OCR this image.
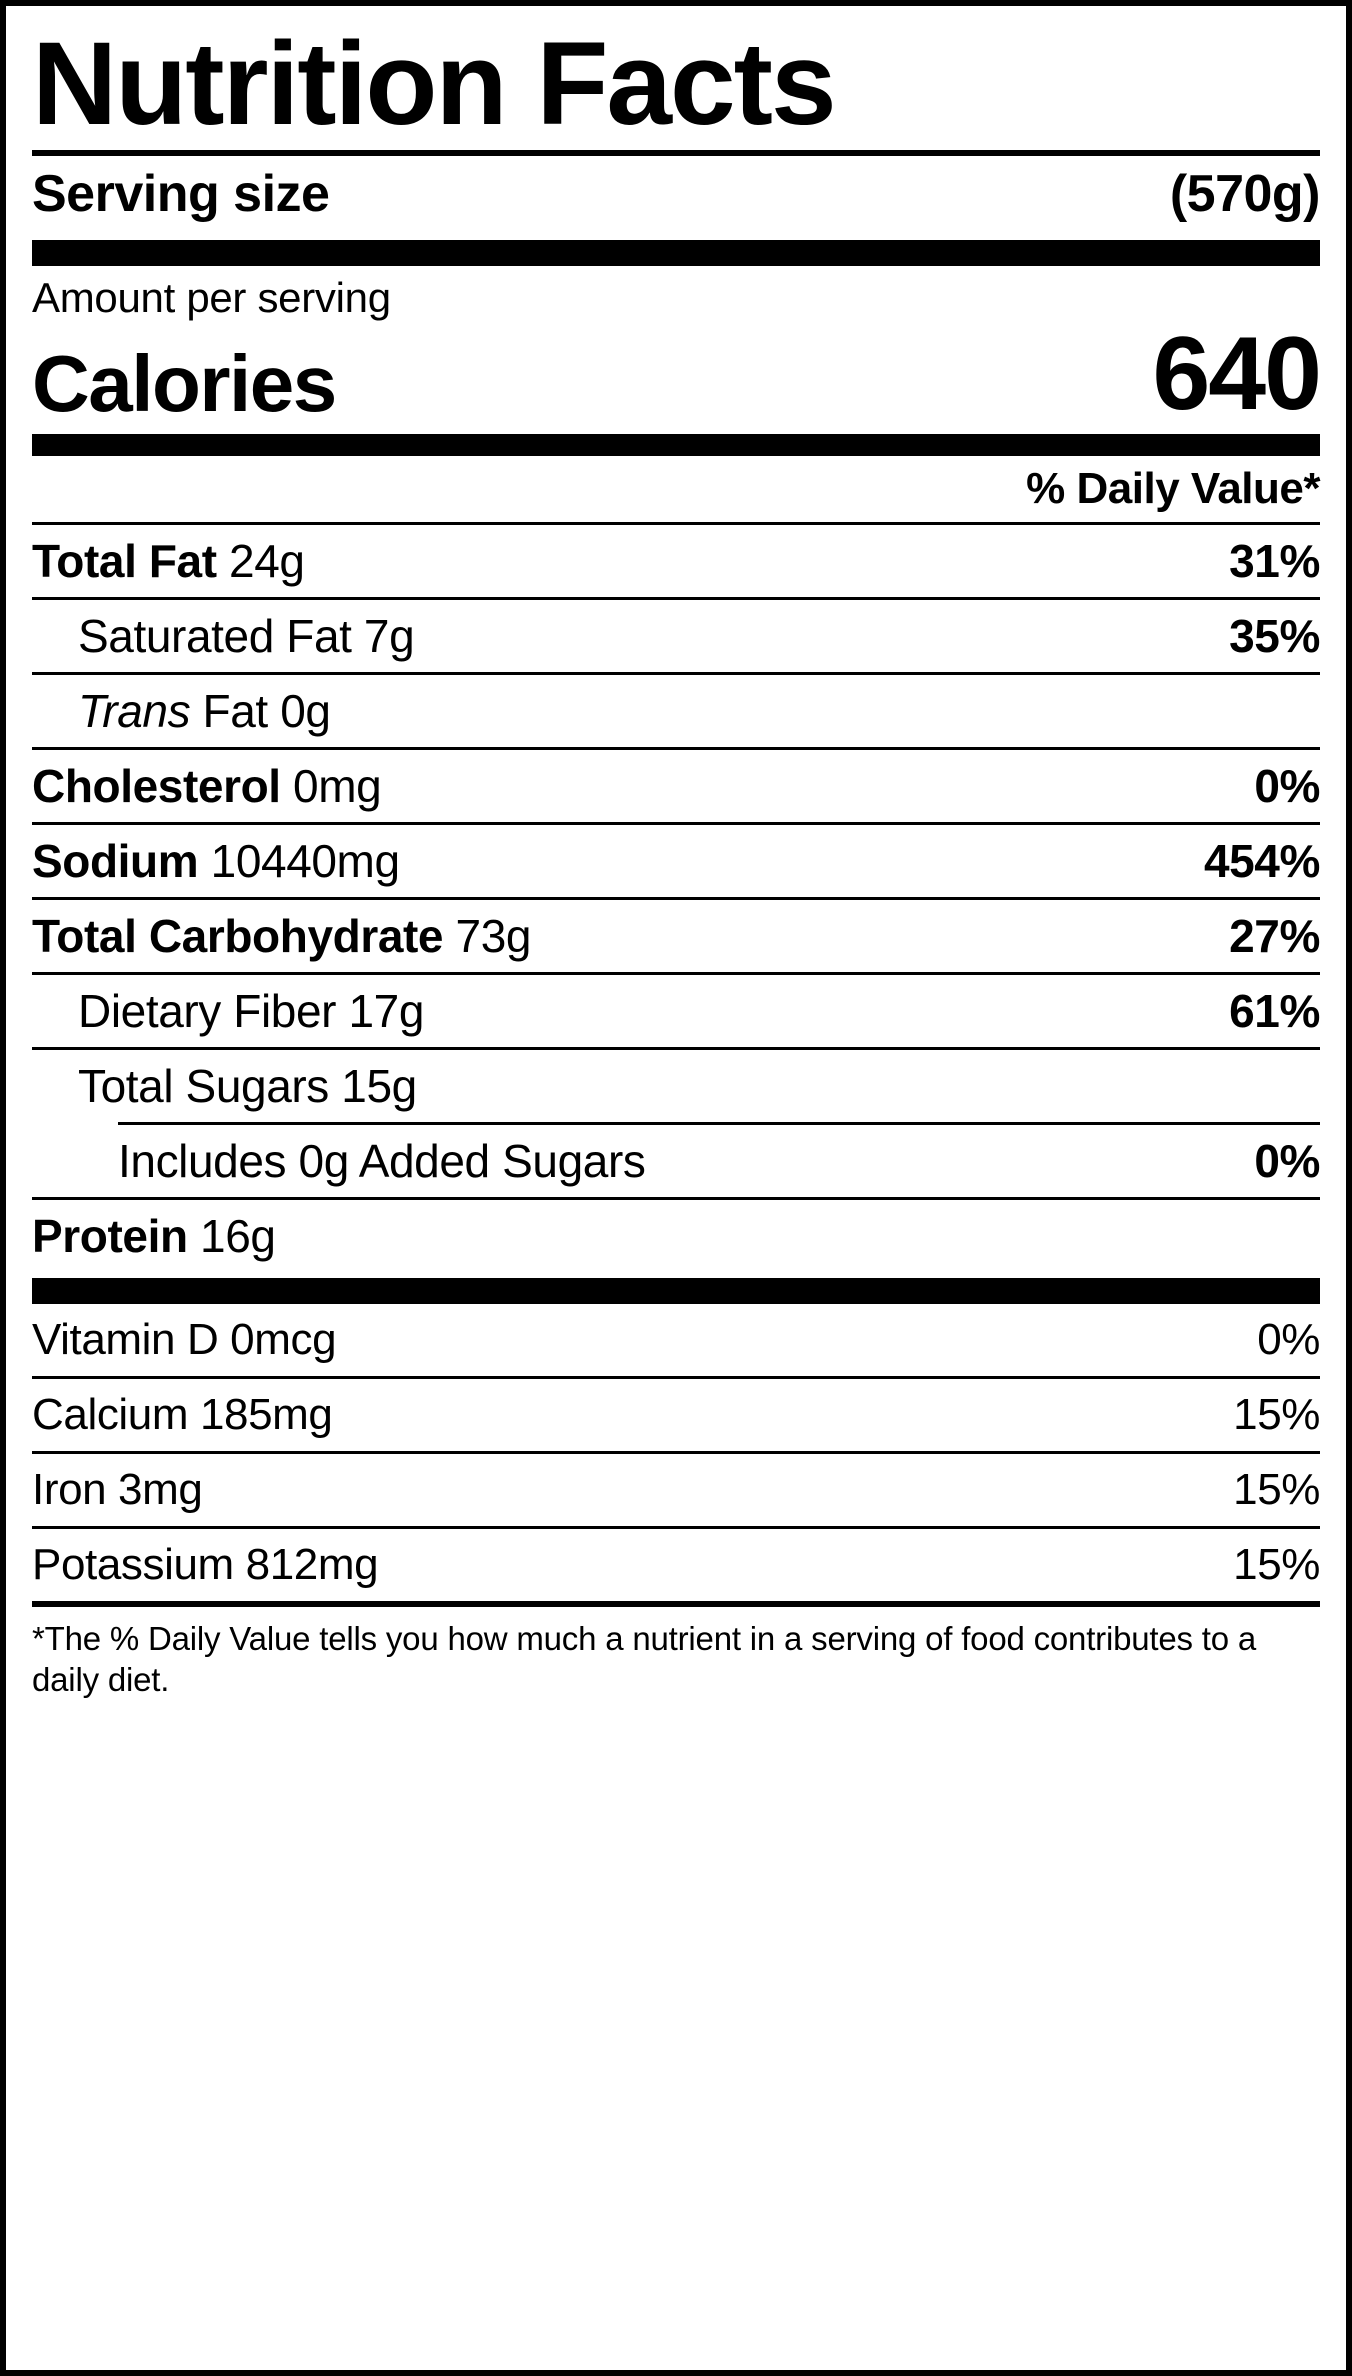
Nutrition Facts
Serving size	(570g)
Amount per serving
Calories	640
% Daily Value*
Total Fat 24g	31%
Saturated Fat 7g	35%
Trans Fat 0g
Cholesterol 0mg	0%
Sodium 10440mg	454%
Total Carbohydrate 73g	27%
Dietary Fiber 17g	61%
Total Sugars 15g
Includes 0g Added Sugars	0%
Protein 16g
Vitamin D 0mcg	0%
Calcium 185mg	15%
Iron 3mg	15%
Potassium 812mg	15%
*The % Daily Value tells you how much a nutrient in a serving of food contributes to a daily diet.
